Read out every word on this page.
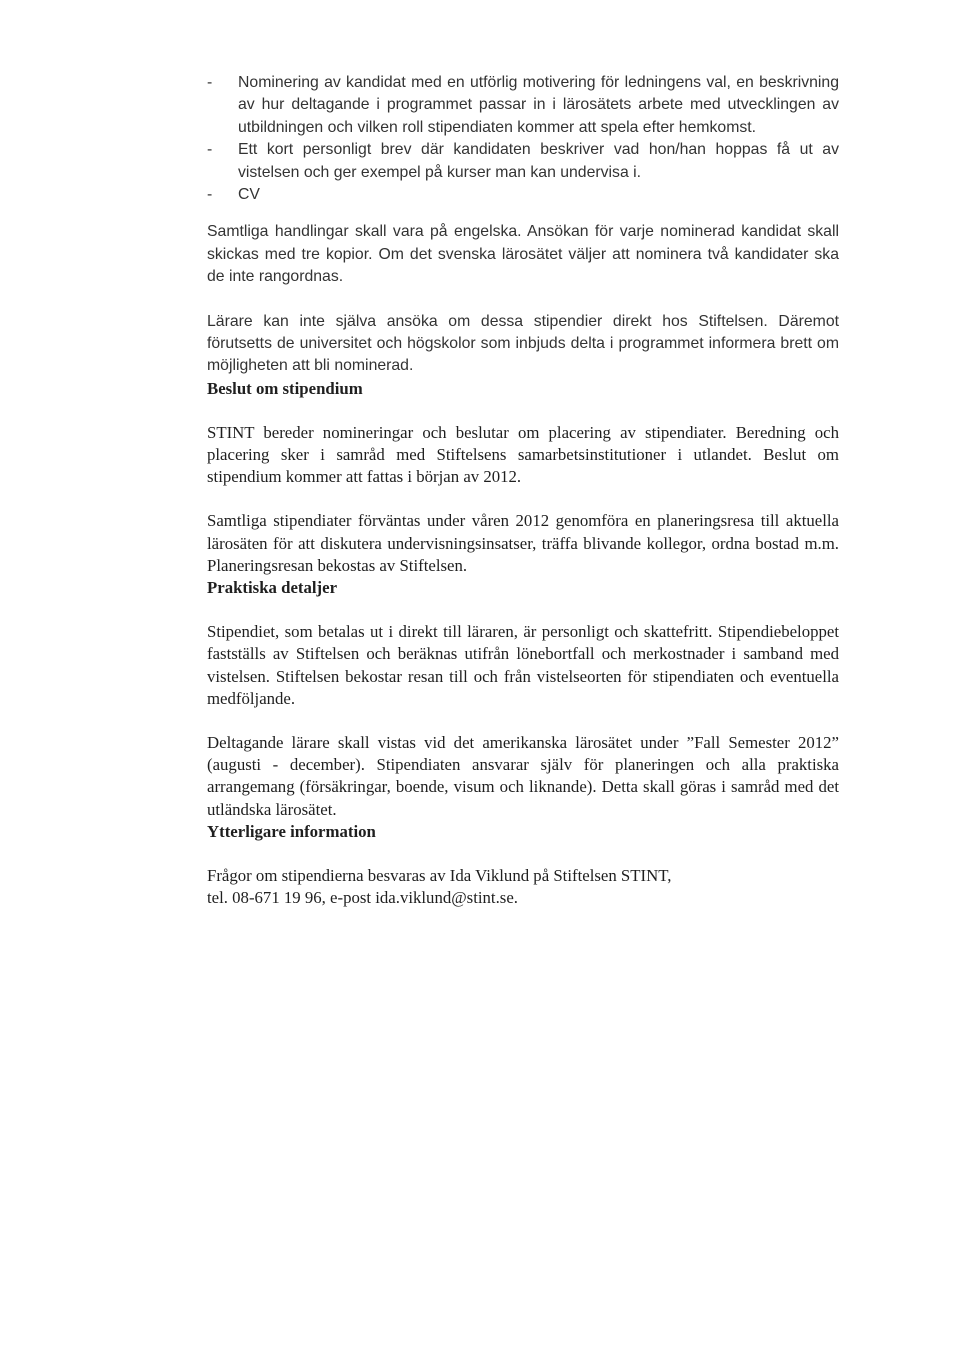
- Nominering av kandidat med en utförlig motivering för ledningens val, en beskrivning av hur deltagande i programmet passar in i lärosätets arbete med utvecklingen av utbildningen och vilken roll stipendiaten kommer att spela efter hemkomst.
- Ett kort personligt brev där kandidaten beskriver vad hon/han hoppas få ut av vistelsen och ger exempel på kurser man kan undervisa i.
- CV

Samtliga handlingar skall vara på engelska. Ansökan för varje nominerad kandidat skall skickas med tre kopior. Om det svenska lärosätet väljer att nominera två kandidater ska de inte rangordnas.

Lärare kan inte själva ansöka om dessa stipendier direkt hos Stiftelsen. Däremot förutsetts de universitet och högskolor som inbjuds delta i programmet informera brett om möjligheten att bli nominerad.

Beslut om stipendium

STINT bereder nomineringar och beslutar om placering av stipendiater. Beredning och placering sker i samråd med Stiftelsens samarbetsinstitutioner i utlandet. Beslut om stipendium kommer att fattas i början av 2012.

Samtliga stipendiater förväntas under våren 2012 genomföra en planeringsresa till aktuella lärosäten för att diskutera undervisningsinsatser, träffa blivande kollegor, ordna bostad m.m. Planeringsresan bekostas av Stiftelsen.

Praktiska detaljer

Stipendiet, som betalas ut i direkt till läraren, är personligt och skattefritt. Stipendiebeloppet fastställs av Stiftelsen och beräknas utifrån lönebortfall och merkostnader i samband med vistelsen. Stiftelsen bekostar resan till och från vistelseorten för stipendiaten och eventuella medföljande.

Deltagande lärare skall vistas vid det amerikanska lärosätet under ”Fall Semester 2012” (augusti - december). Stipendiaten ansvarar själv för planeringen och alla praktiska arrangemang (försäkringar, boende, visum och liknande). Detta skall göras i samråd med det utländska lärosätet.

Ytterligare information

Frågor om stipendierna besvaras av Ida Viklund på Stiftelsen STINT,

tel. 08-671 19 96, e-post ida.viklund@stint.se.
